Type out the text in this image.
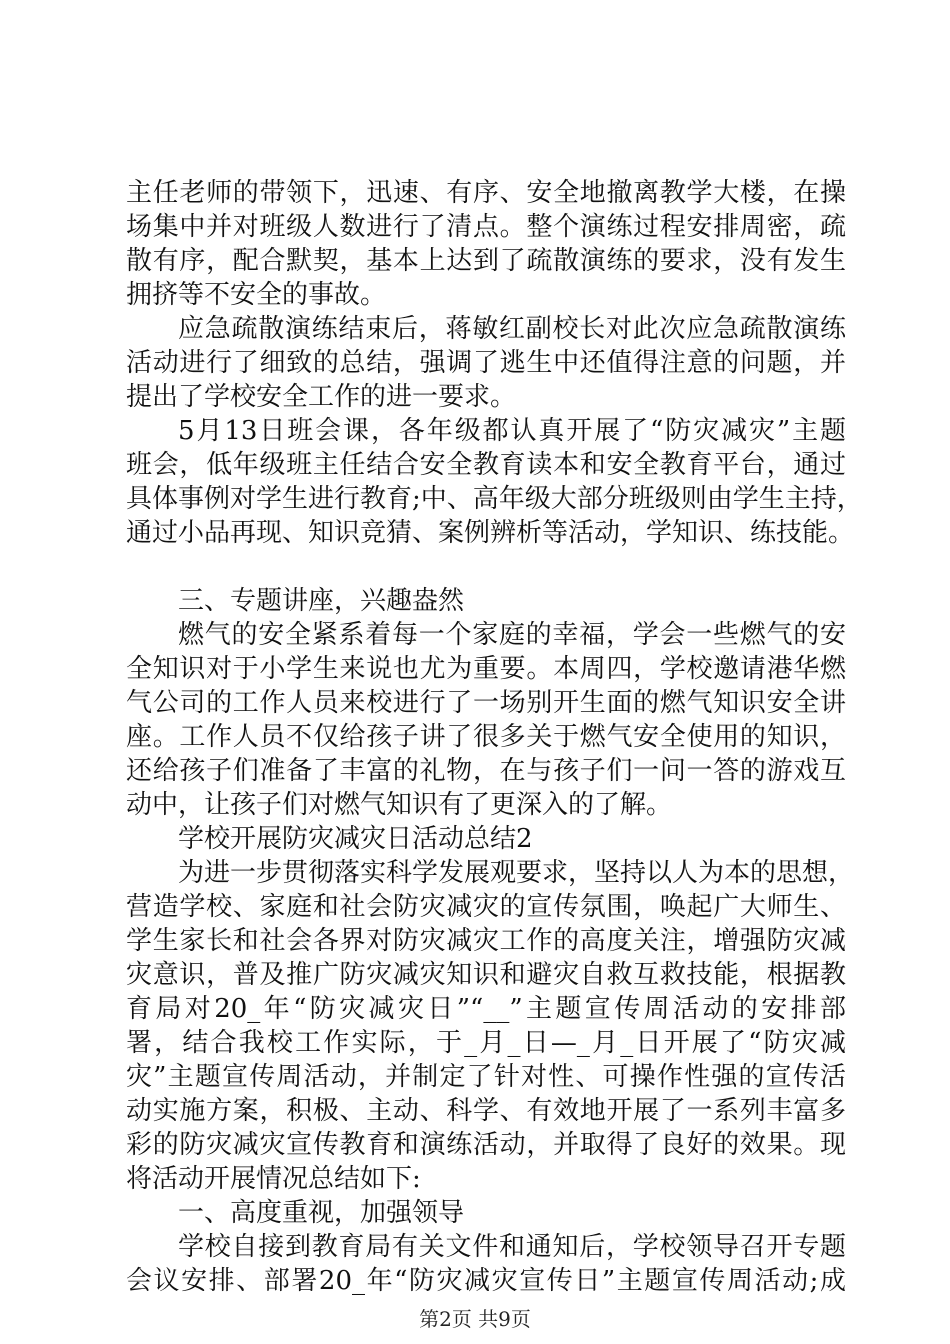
主任老师的带领下，迅速、有序、安全地撤离教学大楼，在操
场集中并对班级人数进行了清点。整个演练过程安排周密，疏
散有序，配合默契，基本上达到了疏散演练的要求，没有发生
拥挤等不安全的事故。
应急疏散演练结束后，蒋敏红副校长对此次应急疏散演练
活动进行了细致的总结，强调了逃生中还值得注意的问题，并
提出了学校安全工作的进一要求。
5月13日班会课，各年级都认真开展了“防灾减灾”主题
班会，低年级班主任结合安全教育读本和安全教育平台，通过
具体事例对学生进行教育;中、高年级大部分班级则由学生主持，
通过小品再现、知识竞猜、案例辨析等活动，学知识、练技能。
三、专题讲座，兴趣盎然
燃气的安全紧系着每一个家庭的幸福，学会一些燃气的安
全知识对于小学生来说也尤为重要。本周四，学校邀请港华燃
气公司的工作人员来校进行了一场别开生面的燃气知识安全讲
座。工作人员不仅给孩子讲了很多关于燃气安全使用的知识，
还给孩子们准备了丰富的礼物，在与孩子们一问一答的游戏互
动中，让孩子们对燃气知识有了更深入的了解。
学校开展防灾减灾日活动总结2
为进一步贯彻落实科学发展观要求，坚持以人为本的思想，
营造学校、家庭和社会防灾减灾的宣传氛围，唤起广大师生、
学生家长和社会各界对防灾减灾工作的高度关注，增强防灾减
灾意识，普及推广防灾减灾知识和避灾自救互救技能，根据教
育局对20_年“防灾减灾日”“__”主题宣传周活动的安排部
署，结合我校工作实际，于_月_日—_月_日开展了“防灾减
灾”主题宣传周活动，并制定了针对性、可操作性强的宣传活
动实施方案，积极、主动、科学、有效地开展了一系列丰富多
彩的防灾减灾宣传教育和演练活动，并取得了良好的效果。现
将活动开展情况总结如下:
一、高度重视，加强领导
学校自接到教育局有关文件和通知后，学校领导召开专题
会议安排、部署20_年“防灾减灾宣传日”主题宣传周活动;成
第2页 共9页
